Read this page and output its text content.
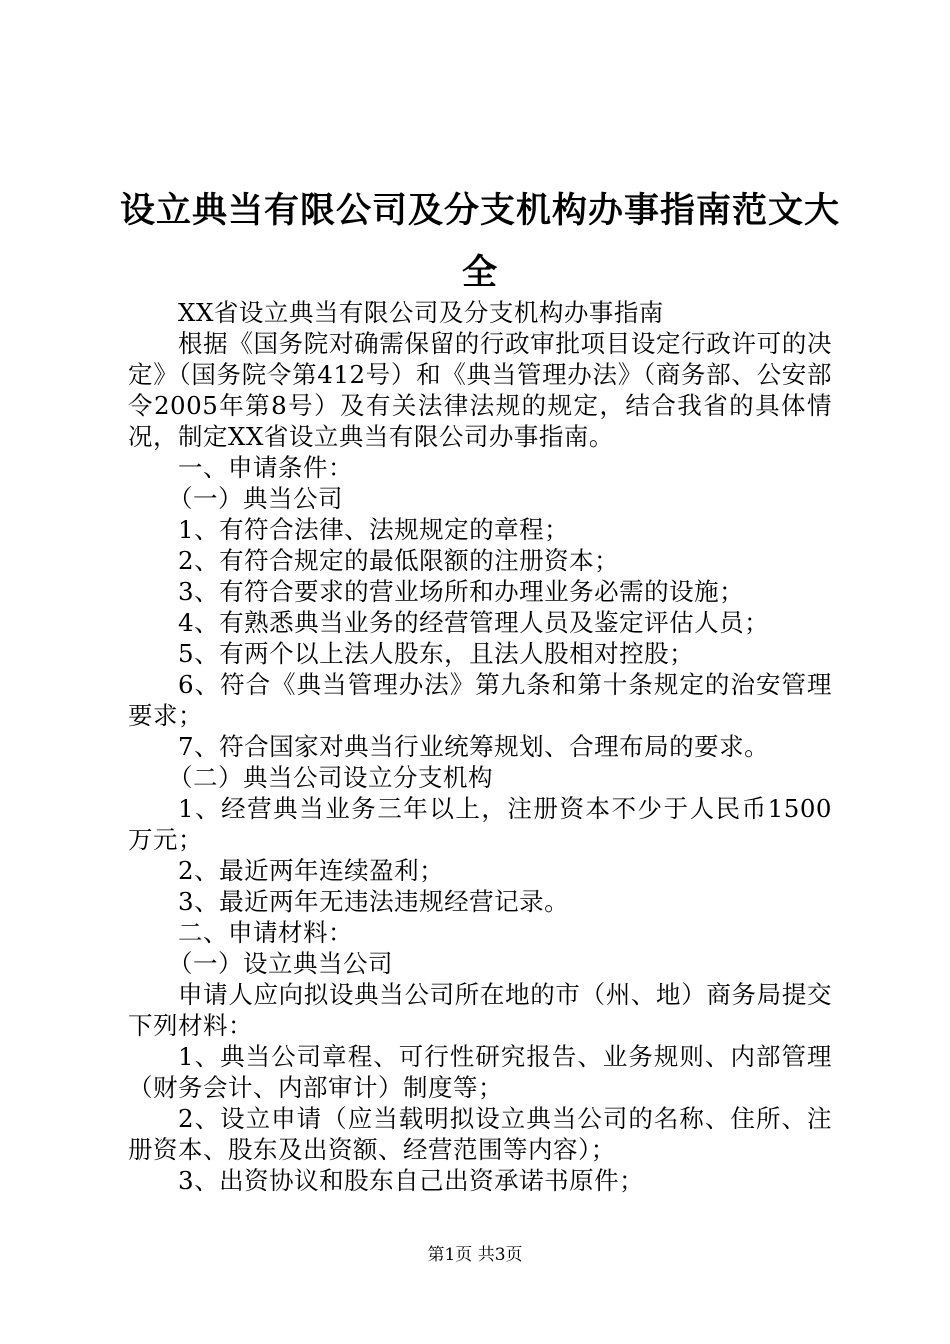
设立典当有限公司及分支机构办事指南范文大全

XX省设立典当有限公司及分支机构办事指南

根据《国务院对确需保留的行政审批项目设定行政许可的决定》（国务院令第412号）和《典当管理办法》（商务部、公安部令2005年第8号）及有关法律法规的规定，结合我省的具体情况，制定XX省设立典当有限公司办事指南。

一、申请条件：

（一）典当公司

1、有符合法律、法规规定的章程；

2、有符合规定的最低限额的注册资本；

3、有符合要求的营业场所和办理业务必需的设施；

4、有熟悉典当业务的经营管理人员及鉴定评估人员；

5、有两个以上法人股东，且法人股相对控股；

6、符合《典当管理办法》第九条和第十条规定的治安管理要求；

7、符合国家对典当行业统筹规划、合理布局的要求。

（二）典当公司设立分支机构

1、经营典当业务三年以上，注册资本不少于人民币1500万元；

2、最近两年连续盈利；

3、最近两年无违法违规经营记录。

二、申请材料：

（一）设立典当公司

申请人应向拟设典当公司所在地的市（州、地）商务局提交下列材料：

1、典当公司章程、可行性研究报告、业务规则、内部管理（财务会计、内部审计）制度等；

2、设立申请（应当载明拟设立典当公司的名称、住所、注册资本、股东及出资额、经营范围等内容）；

3、出资协议和股东自己出资承诺书原件；

第1页 共3页
